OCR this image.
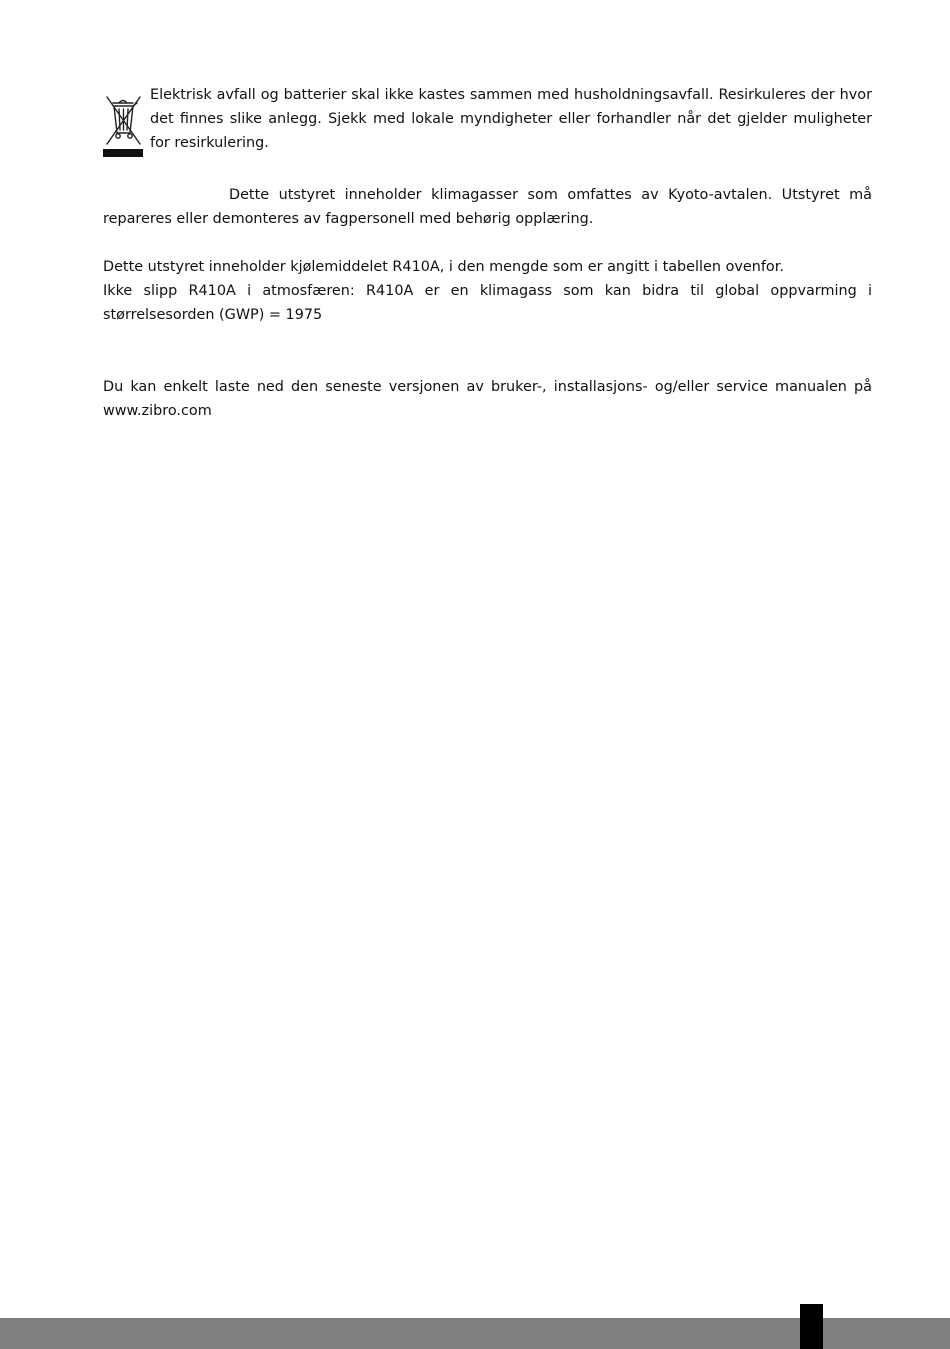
Elektrisk avfall og batterier skal ikke kastes sammen med husholdningsavfall. Resirkuleres der hvor det finnes slike anlegg. Sjekk med lokale myndigheter eller forhandler når det gjelder muligheter for resirkulering.

Dette utstyret inneholder klimagasser som omfattes av Kyoto-avtalen. Utstyret må repareres eller demonteres av fagpersonell med behørig opplæring.

Dette utstyret inneholder kjølemiddelet R410A, i den mengde som er angitt i tabellen ovenfor.

Ikke slipp R410A i atmosfæren: R410A er en klimagass som kan bidra til global oppvarming i størrelsesorden (GWP) = 1975

Du kan enkelt laste ned den seneste versjonen av bruker-, installasjons- og/eller service manualen på www.zibro.com
